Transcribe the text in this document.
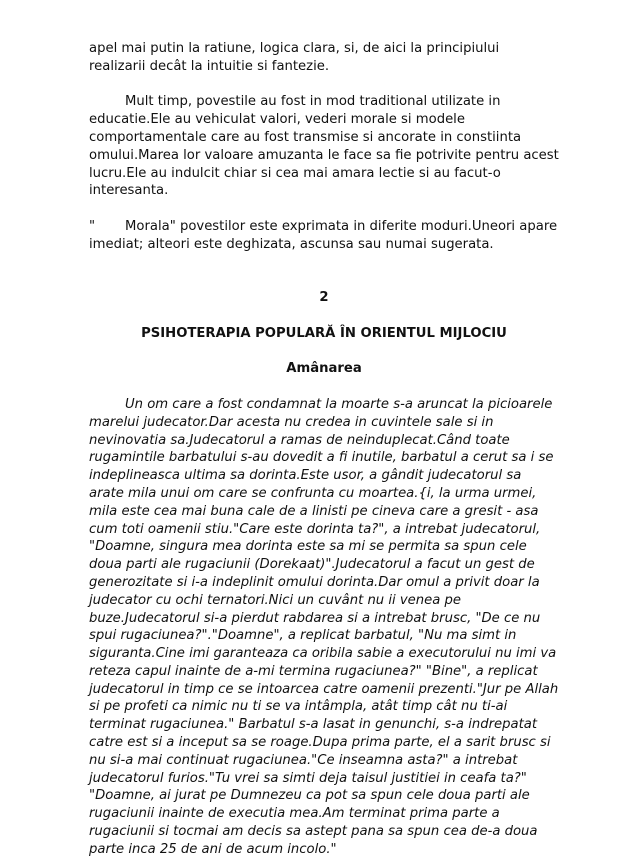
apel mai putin la ratiune, logica clara, si, de aici la principiului realizarii decât la intuitie si fantezie.

Mult timp, povestile au fost in mod traditional utilizate in educatie.Ele au vehiculat valori, vederi morale si modele comportamentale care au fost transmise si ancorate in constiinta omului.Marea lor valoare amuzanta le face sa fie potrivite pentru acest lucru.Ele au indulcit chiar si cea mai amara lectie si au facut-o interesanta.

" Morala" povestilor este exprimata in diferite moduri.Uneori apare imediat; alteori este deghizata, ascunsa sau numai sugerata.

2

PSIHOTERAPIA POPULARĂ ÎN ORIENTUL MIJLOCIU

Amânarea

Un om care a fost condamnat la moarte s-a aruncat la picioarele marelui judecator.Dar acesta nu credea in cuvintele sale si in nevinovatia sa.Judecatorul a ramas de neinduplecat.Când toate rugamintile barbatului s-au dovedit a fi inutile, barbatul a cerut sa i se indeplineasca ultima sa dorinta.Este usor, a gândit judecatorul sa arate mila unui om care se confrunta cu moartea.{i, la urma urmei, mila este cea mai buna cale de a linisti pe cineva care a gresit - asa cum toti oamenii stiu."Care este dorinta ta?", a intrebat judecatorul, "Doamne, singura mea dorinta este sa mi se permita sa spun cele doua parti ale rugaciunii (Dorekaat)".Judecatorul a facut un gest de generozitate si i-a indeplinit omului dorinta.Dar omul a privit doar la judecator cu ochi ternatori.Nici un cuvânt nu ii venea pe buze.Judecatorul si-a pierdut rabdarea si a intrebat brusc, "De ce nu spui rugaciunea?"."Doamne", a replicat barbatul, "Nu ma simt in siguranta.Cine imi garanteaza ca oribila sabie a executorului nu imi va reteza capul inainte de a-mi termina rugaciunea?" "Bine", a replicat judecatorul in timp ce se intoarcea catre oamenii prezenti."Jur pe Allah si pe profeti ca nimic nu ti se va intâmpla, atât timp cât nu ti-ai terminat rugaciunea." Barbatul s-a lasat in genunchi, s-a indrepatat catre est si a inceput sa se roage.Dupa prima parte, el a sarit brusc si nu si-a mai continuat rugaciunea."Ce inseamna asta?" a intrebat judecatorul furios."Tu vrei sa simti deja taisul justitiei in ceafa ta?" "Doamne, ai jurat pe Dumnezeu ca pot sa spun cele doua parti ale rugaciunii inainte de executia mea.Am terminat prima parte a rugaciunii si tocmai am decis sa astept pana sa spun cea de-a doua parte inca 25 de ani de acum incolo."
